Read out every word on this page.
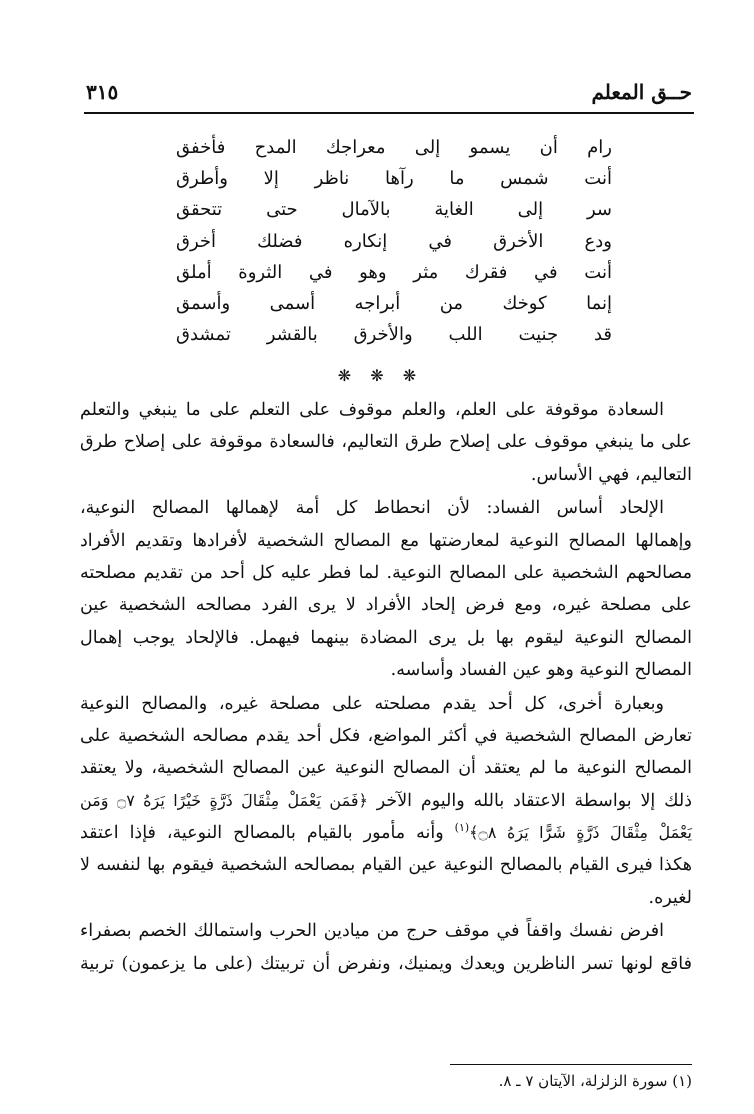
حــق المعلم
٣١٥
رام أن يسمو إلى معراجك المدح فأخفق
أنت شمس ما رآها ناظر إلا وأطرق
سر إلى الغاية بالآمال حتى تتحقق
ودع الأخرق في إنكاره فضلك أخرق
أنت في فقرك مثر وهو في الثروة أملق
إنما كوخك من أبراجه أسمى وأسمق
قد جنيت اللب والأخرق بالقشر تمشدق
❋ ❋ ❋
السعادة موقوفة على العلم، والعلم موقوف على التعلم على ما ينبغي والتعلم
على ما ينبغي موقوف على إصلاح طرق التعاليم، فالسعادة موقوفة على إصلاح طرق
التعاليم، فهي الأساس.
الإلحاد أساس الفساد: لأن انحطاط كل أمة لإهمالها المصالح النوعية،
وإهمالها المصالح النوعية لمعارضتها مع المصالح الشخصية لأفرادها وتقديم الأفراد
مصالحهم الشخصية على المصالح النوعية. لما فطر عليه كل أحد من تقديم مصلحته
على مصلحة غيره، ومع فرض إلحاد الأفراد لا يرى الفرد مصالحه الشخصية عين
المصالح النوعية ليقوم بها بل يرى المضادة بينهما فيهمل. فالإلحاد يوجب إهمال
المصالح النوعية وهو عين الفساد وأساسه.
وبعبارة أخرى، كل أحد يقدم مصلحته على مصلحة غيره، والمصالح النوعية
تعارض المصالح الشخصية في أكثر المواضع، فكل أحد يقدم مصالحه الشخصية على
المصالح النوعية ما لم يعتقد أن المصالح النوعية عين المصالح الشخصية، ولا يعتقد
ذلك إلا بواسطة الاعتقاد بالله واليوم الآخر ﴿فَمَن يَعْمَلْ مِثْقَالَ ذَرَّةٍ خَيْرًا يَرَهُ ۝٧ وَمَن
يَعْمَلْ مِثْقَالَ ذَرَّةٍ شَرًّا يَرَهُ ۝٨﴾$^{(١)}$ وأنه مأمور بالقيام بالمصالح النوعية، فإذا اعتقد
هكذا فيرى القيام بالمصالح النوعية عين القيام بمصالحه الشخصية فيقوم بها لنفسه لا
لغيره.
افرض نفسك واقفاً في موقف حرج من ميادين الحرب واستمالك الخصم بصفراء
فاقع لونها تسر الناظرين ويعدك ويمنيك، ونفرض أن تربيتك (على ما يزعمون) تربية
(١) سورة الزلزلة، الآيتان ٧ ـ ٨.
